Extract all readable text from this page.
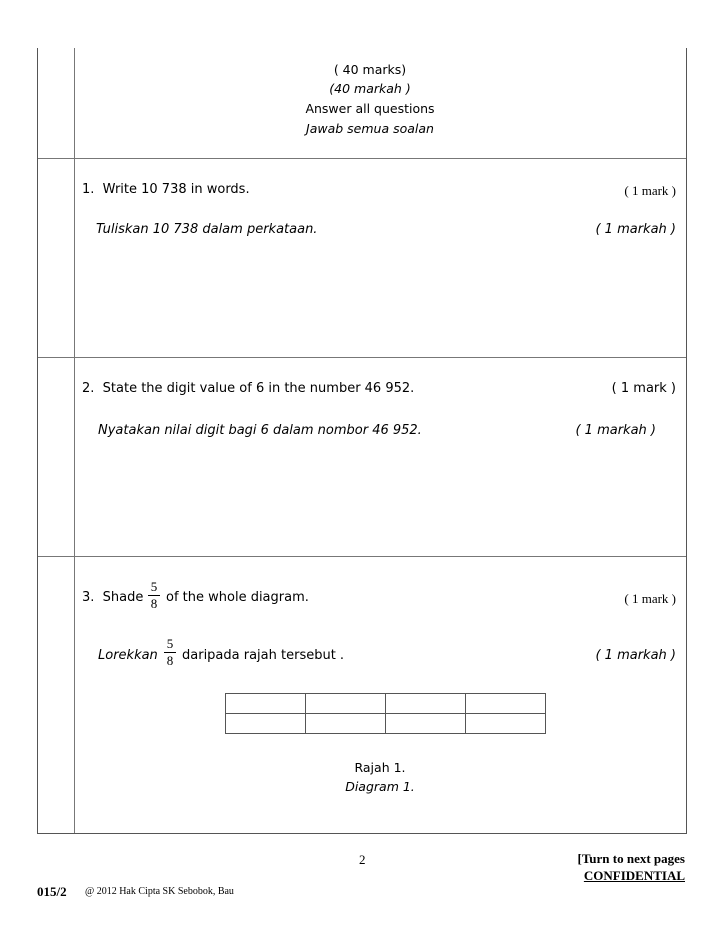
( 40 marks)
(40 markah )
Answer all questions
Jawab semua soalan
1. Write 10 738 in words.	( 1 mark )
Tuliskan 10 738 dalam perkataan.	( 1 markah )
2. State the digit value of 6 in the number 46 952.	( 1 mark )
Nyatakan nilai digit bagi 6 dalam nombor 46 952.	( 1 markah )
3. Shade
5
8 of the whole diagram.	( 1 mark )
Lorekkan
5
8 daripada rajah tersebut .	( 1 markah )

Rajah 1.
Diagram 1.
2	[Turn to next pages
CONFIDENTIAL
015/2 @ 2012 Hak Cipta SK Sebobok, Bau
